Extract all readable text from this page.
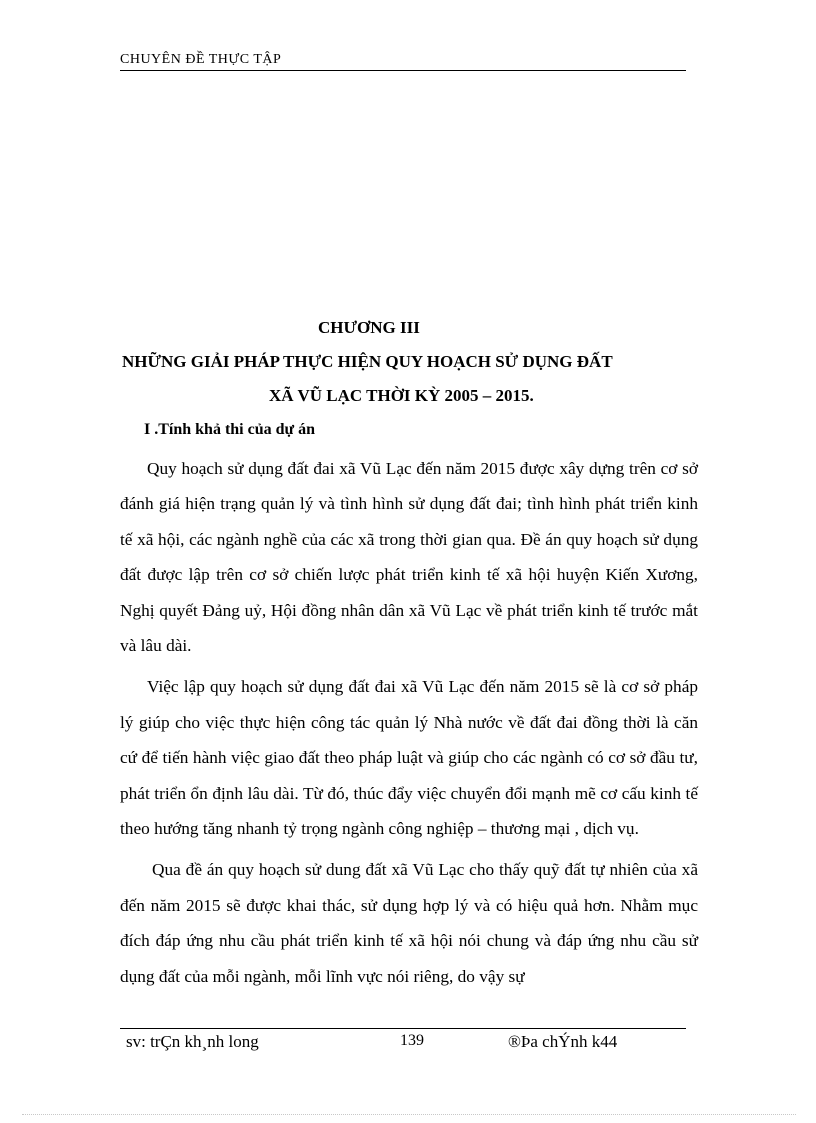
CHUYÊN ĐỀ THỰC TẬP
CHƯƠNG III
NHỮNG GIẢI PHÁP THỰC HIỆN QUY HOẠCH SỬ DỤNG ĐẤT
XÃ VŨ LẠC THỜI KỲ 2005 – 2015.
I .Tính khả thi của dự án

Quy hoạch sử dụng đất đai xã Vũ Lạc đến năm 2015 được xây dựng trên cơ sở đánh giá hiện trạng quản lý và tình hình sử dụng đất đai; tình hình phát triển kinh tế xã hội, các ngành nghề của các xã trong thời gian qua. Đề án quy hoạch sử dụng đất được lập trên cơ sở chiến lược phát triển kinh tế xã hội huyện Kiến Xương, Nghị quyết Đảng uỷ, Hội đồng nhân dân xã Vũ Lạc về phát triển kinh tế trước mắt và lâu dài.

Việc lập quy hoạch sử dụng đất đai xã Vũ Lạc đến năm 2015 sẽ là cơ sở pháp lý giúp cho việc thực hiện công tác quản lý Nhà nước về đất đai đồng thời là căn cứ để tiến hành việc giao đất theo pháp luật và giúp cho các ngành có cơ sở đầu tư, phát triển ổn định lâu dài. Từ đó, thúc đẩy việc chuyển đổi mạnh mẽ cơ cấu kinh tế theo hướng tăng nhanh tỷ trọng ngành công nghiệp – thương mại , dịch vụ.

Qua đề án quy hoạch sử dung đất xã Vũ Lạc cho thấy quỹ đất tự nhiên của xã đến năm 2015 sẽ được khai thác, sử dụng hợp lý và có hiệu quả hơn. Nhằm mục đích đáp ứng nhu cầu phát triển kinh tế xã hội nói chung và đáp ứng nhu cầu sử dụng đất của mỗi ngành, mỗi lĩnh vực nói riêng, do vậy sự

sv: trÇn kh¸nh long	139	®Þa chÝnh k44
